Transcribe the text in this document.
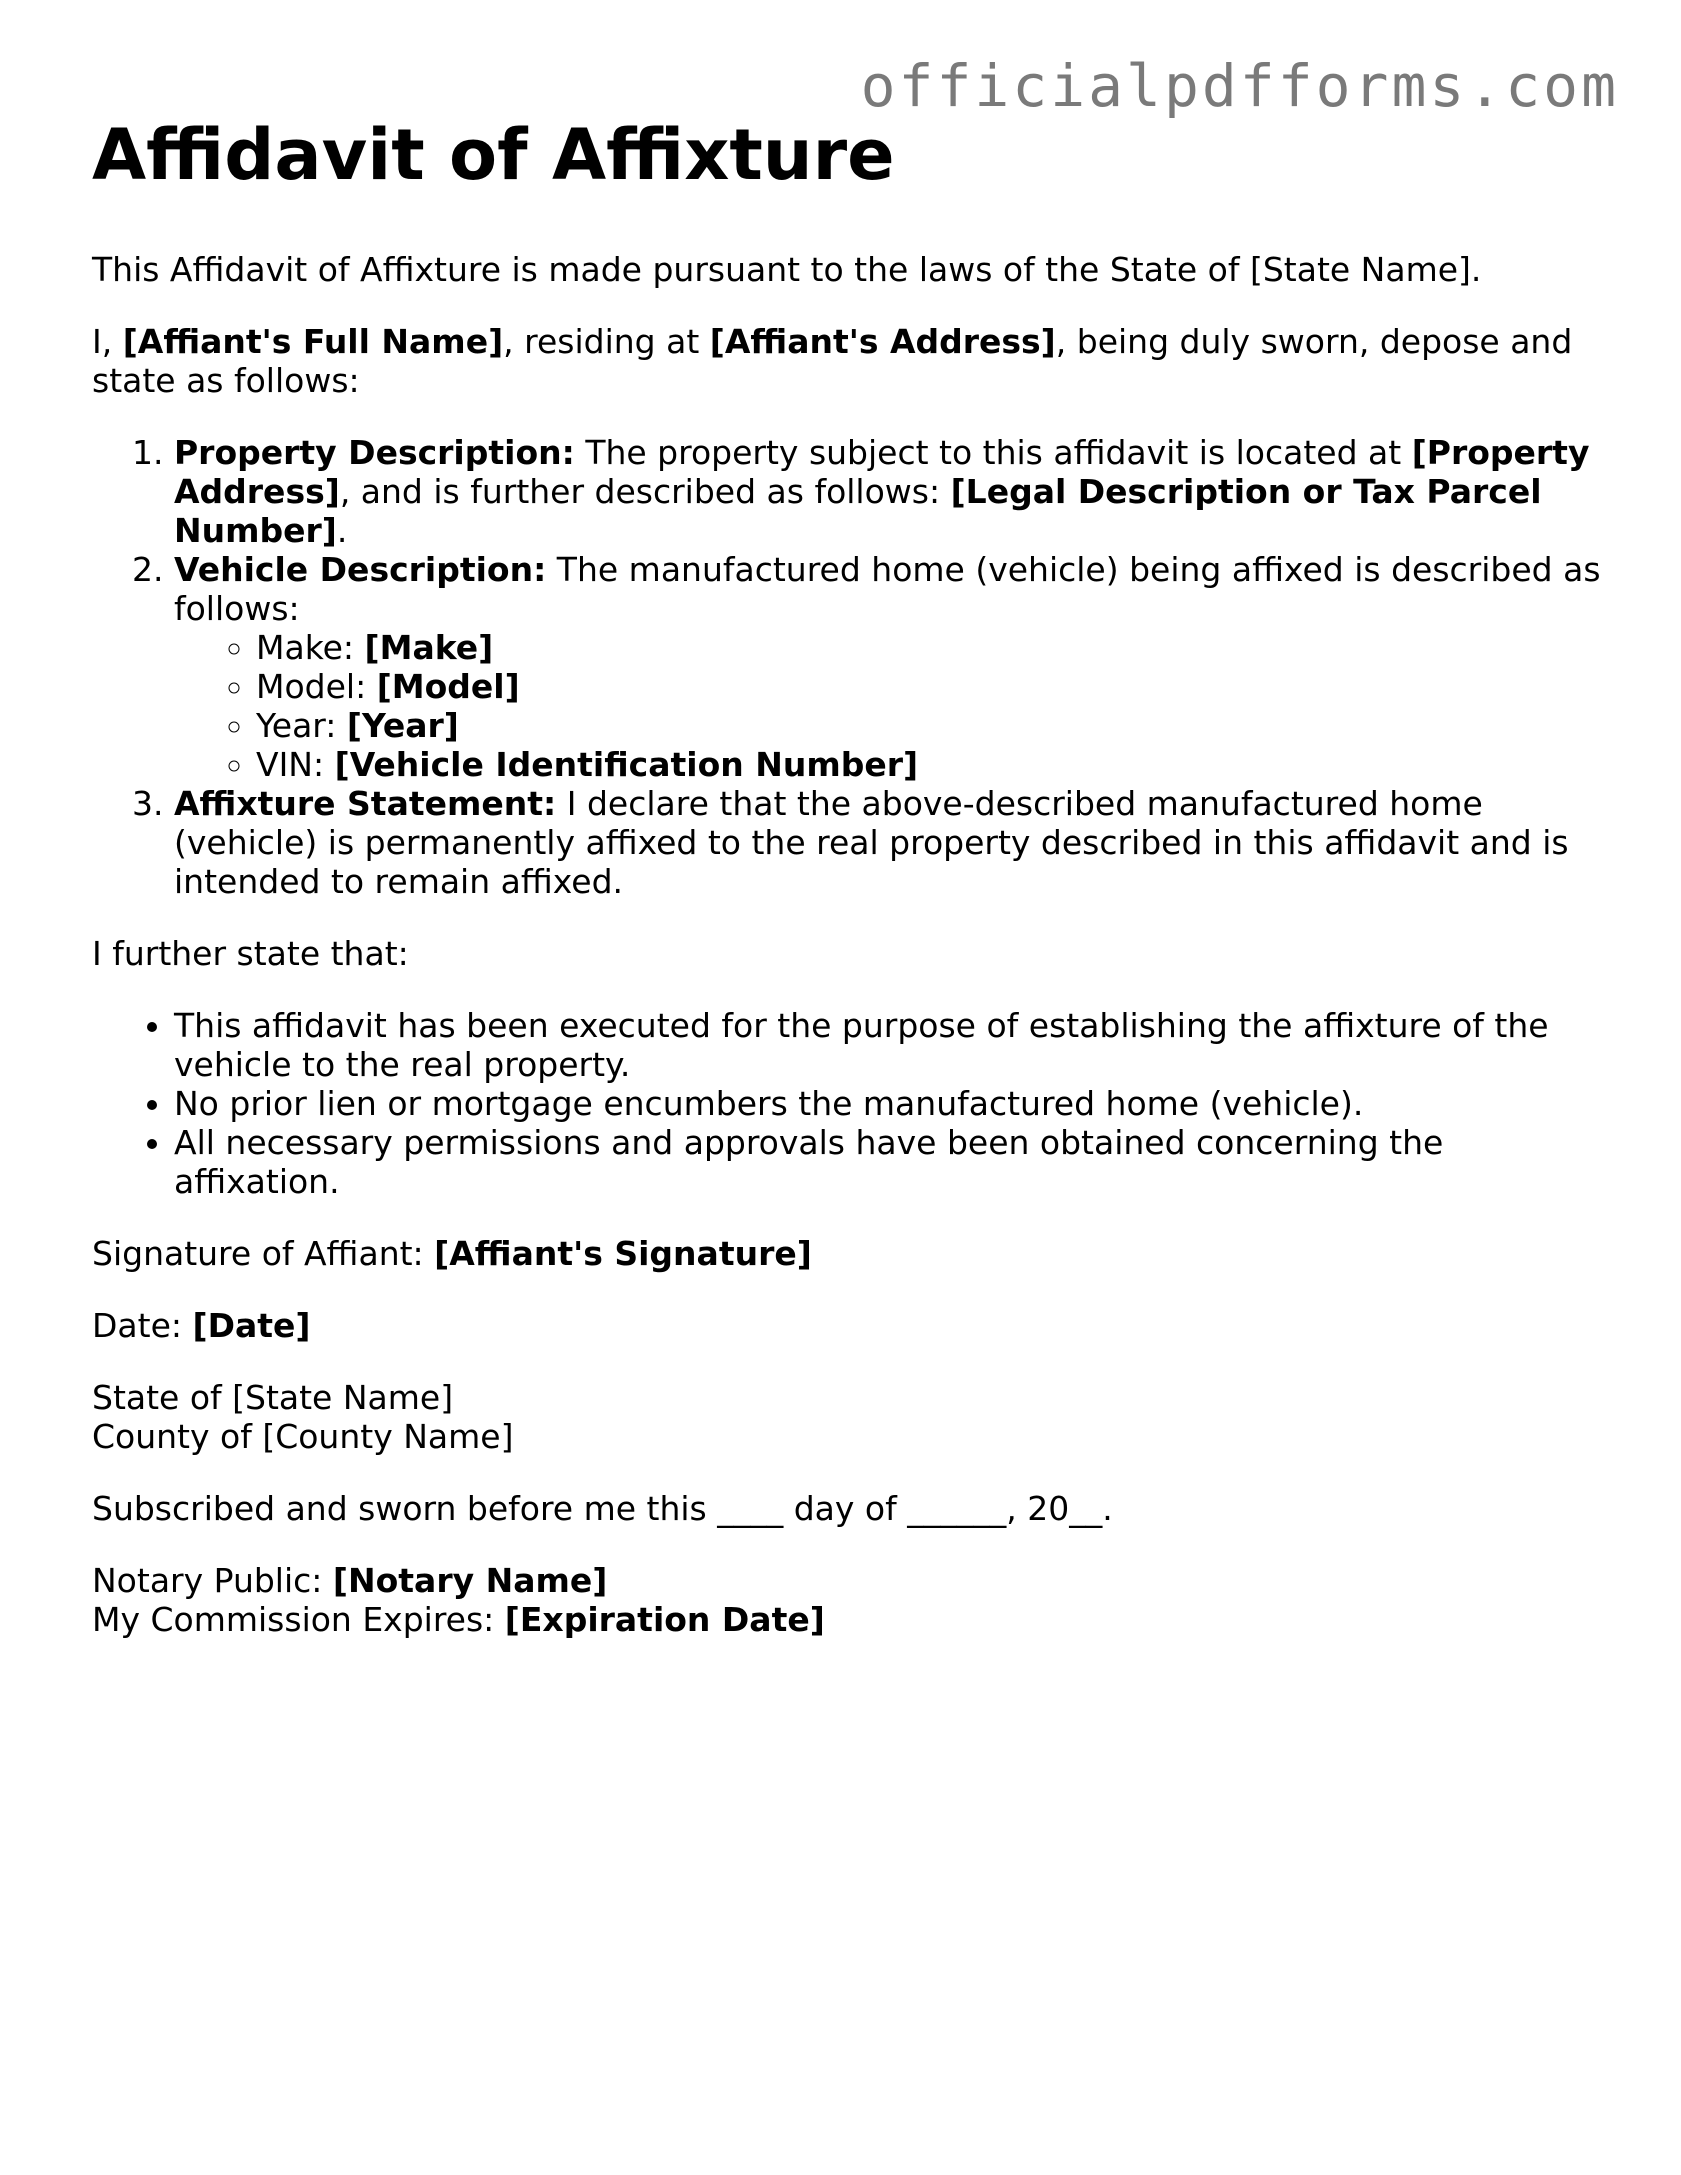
officialpdfforms.com
Affidavit of Affixture

This Affidavit of Affixture is made pursuant to the laws of the State of [State Name].

I, [Affiant's Full Name], residing at [Affiant's Address], being duly sworn, depose and state as follows:

1. Property Description: The property subject to this affidavit is located at [Property Address], and is further described as follows: [Legal Description or Tax Parcel Number].
2. Vehicle Description: The manufactured home (vehicle) being affixed is described as follows:
◦ Make: [Make]
◦ Model: [Model]
◦ Year: [Year]
◦ VIN: [Vehicle Identification Number]
3. Affixture Statement: I declare that the above-described manufactured home (vehicle) is permanently affixed to the real property described in this affidavit and is intended to remain affixed.

I further state that:

• This affidavit has been executed for the purpose of establishing the affixture of the vehicle to the real property.
• No prior lien or mortgage encumbers the manufactured home (vehicle).
• All necessary permissions and approvals have been obtained concerning the affixation.

Signature of Affiant: [Affiant's Signature]

Date: [Date]

State of [State Name]
County of [County Name]

Subscribed and sworn before me this ____ day of ______, 20__.

Notary Public: [Notary Name]
My Commission Expires: [Expiration Date]
